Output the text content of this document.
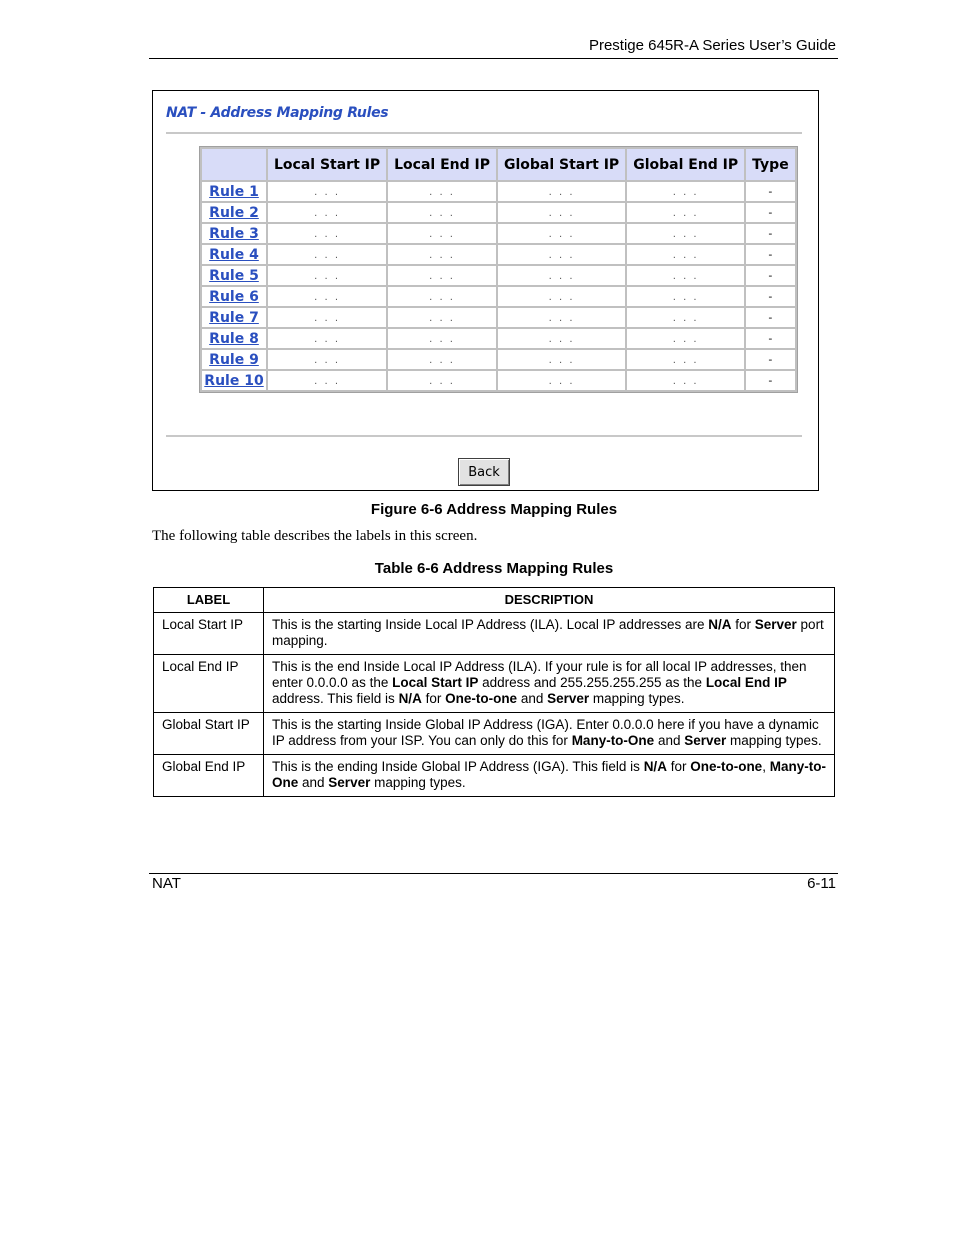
Prestige 645R-A Series User’s Guide
NAT - Address Mapping Rules
	Local Start IP	Local End IP	Global Start IP	Global End IP	Type
Rule 1	. . .	. . .	. . .	. . .	-
Rule 2	. . .	. . .	. . .	. . .	-
Rule 3	. . .	. . .	. . .	. . .	-
Rule 4	. . .	. . .	. . .	. . .	-
Rule 5	. . .	. . .	. . .	. . .	-
Rule 6	. . .	. . .	. . .	. . .	-
Rule 7	. . .	. . .	. . .	. . .	-
Rule 8	. . .	. . .	. . .	. . .	-
Rule 9	. . .	. . .	. . .	. . .	-
Rule 10	. . .	. . .	. . .	. . .	-
Back
Figure 6-6 Address Mapping Rules
The following table describes the labels in this screen.
Table 6-6 Address Mapping Rules
LABEL	DESCRIPTION
Local Start IP	This is the starting Inside Local IP Address (ILA). Local IP addresses are N/A for Server port mapping.
Local End IP	This is the end Inside Local IP Address (ILA). If your rule is for all local IP addresses, then enter 0.0.0.0 as the Local Start IP address and 255.255.255.255 as the Local End IP address. This field is N/A for One-to-one and Server mapping types.
Global Start IP	This is the starting Inside Global IP Address (IGA). Enter 0.0.0.0 here if you have a dynamic IP address from your ISP. You can only do this for Many-to-One and Server mapping types.
Global End IP	This is the ending Inside Global IP Address (IGA). This field is N/A for One-to-one, Many-to-One and Server mapping types.
NAT	6-11
